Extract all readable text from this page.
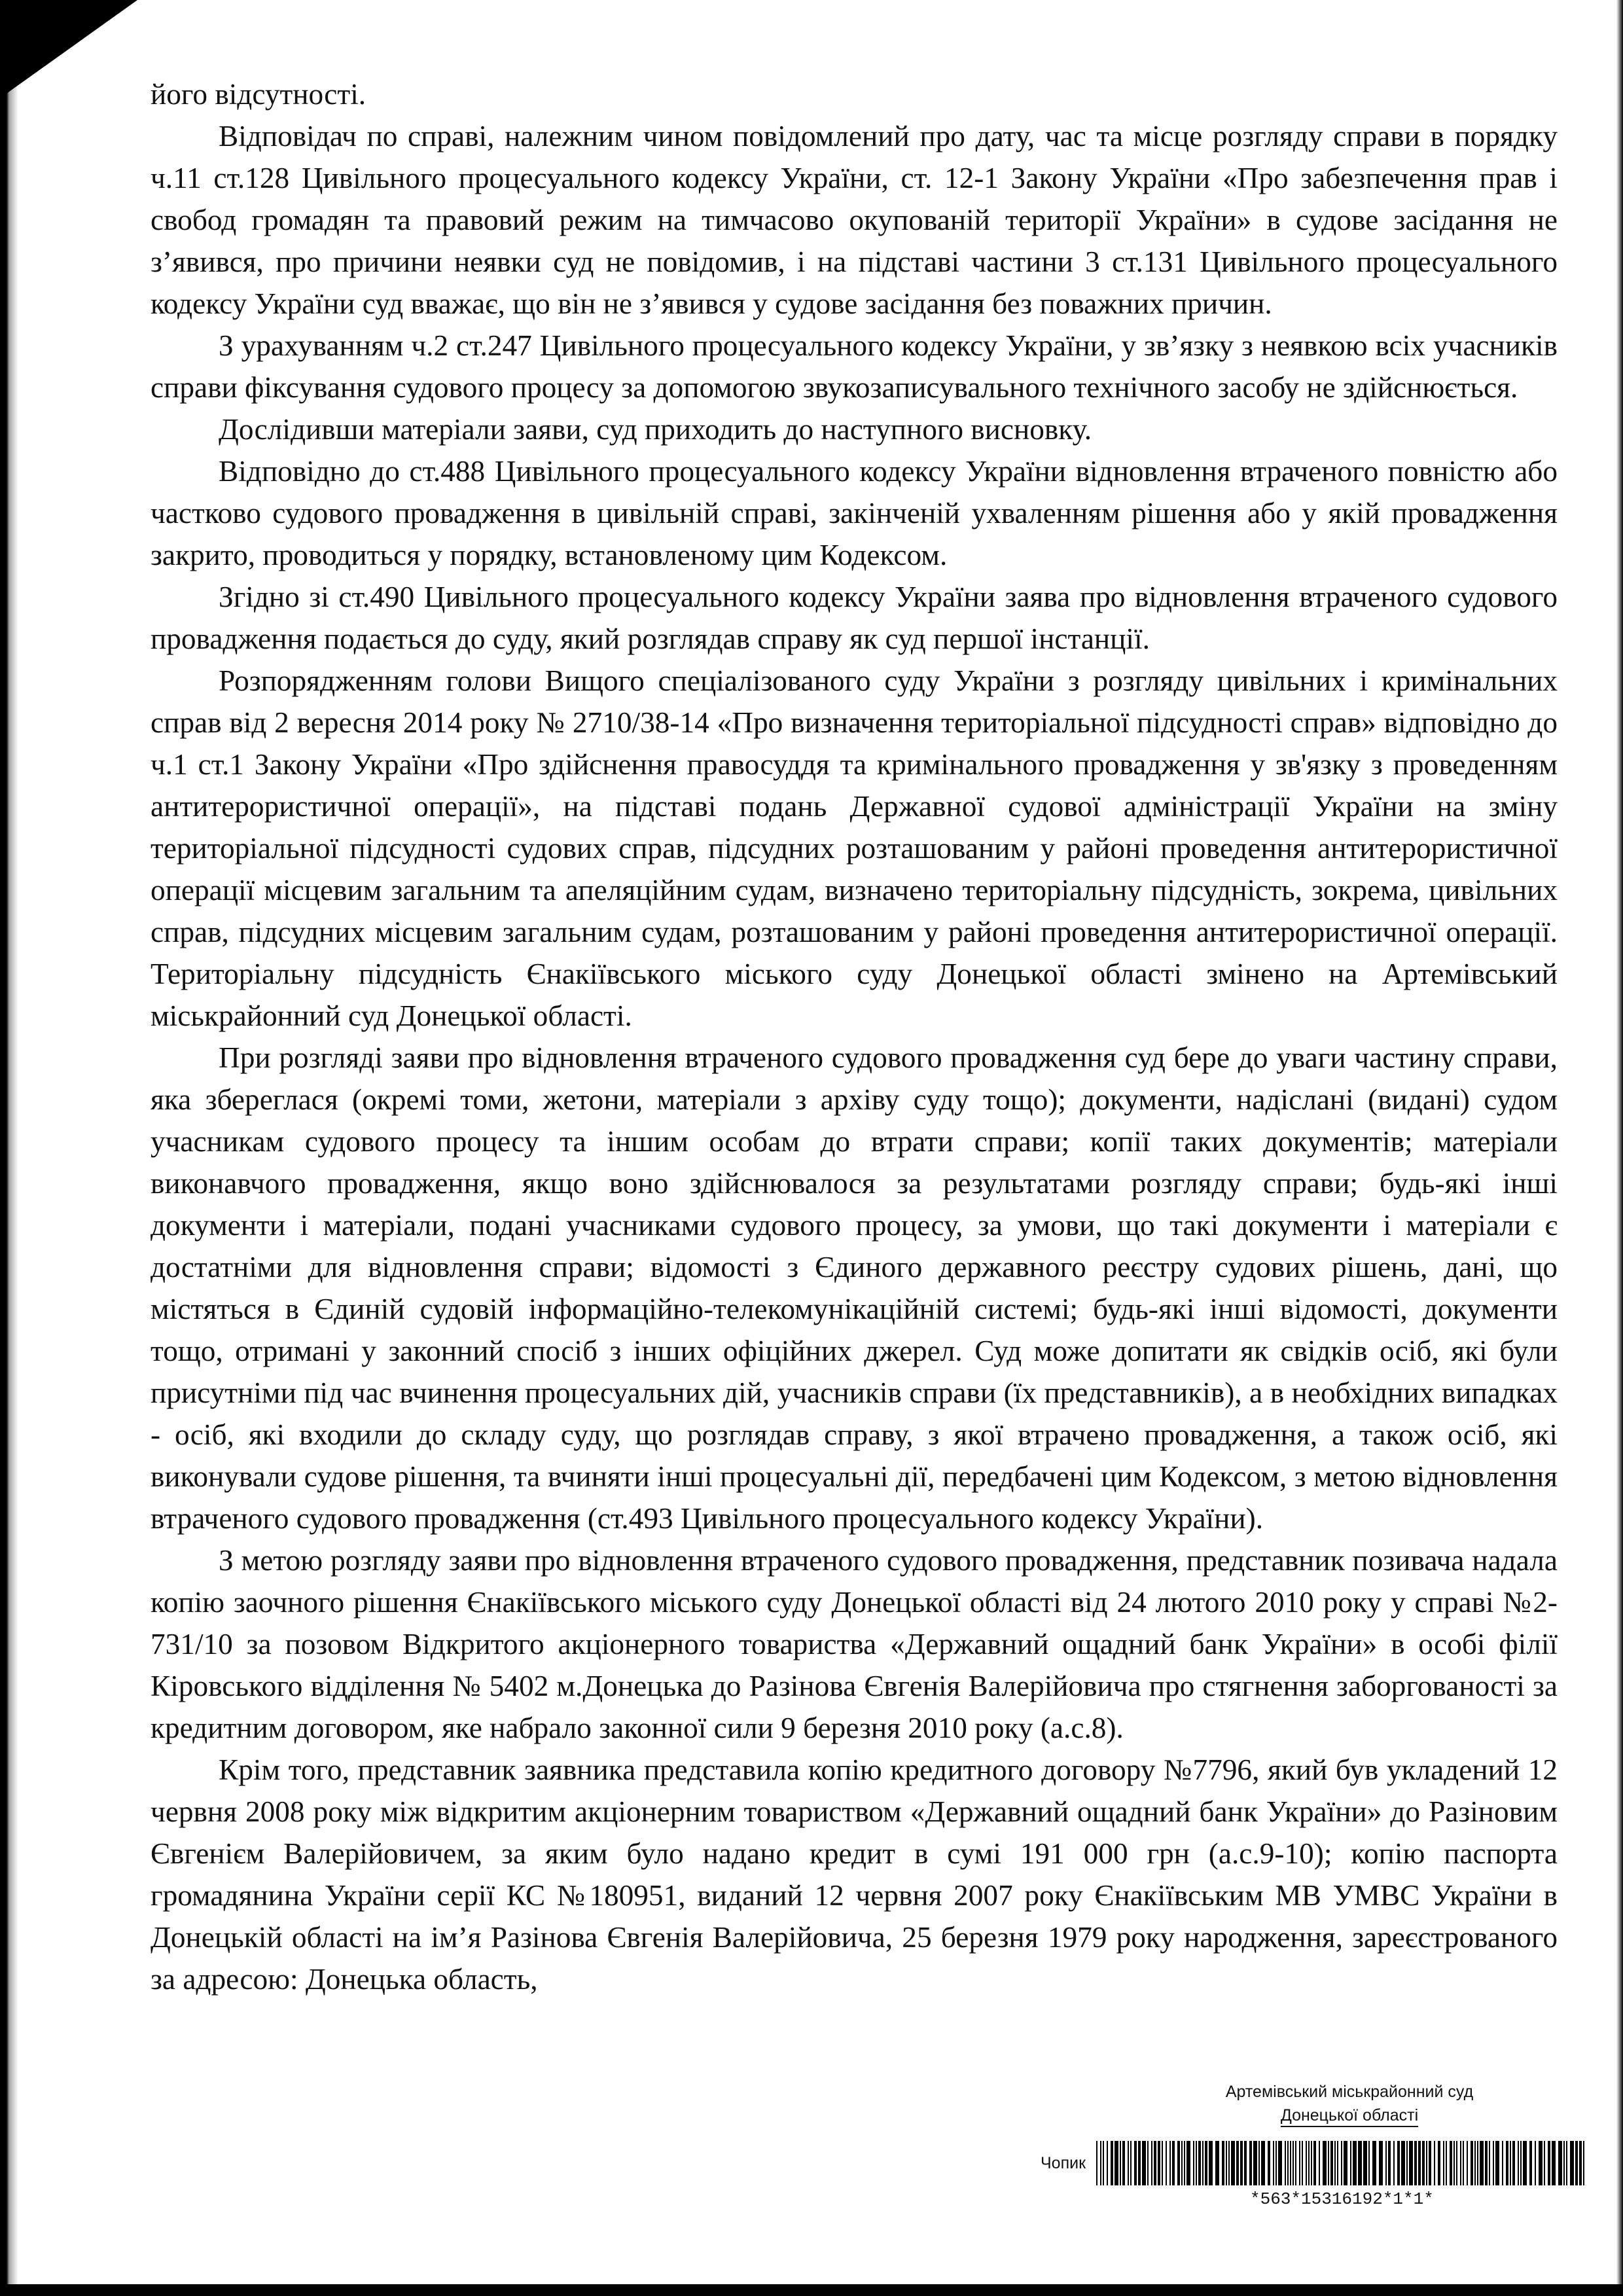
його відсутності.

Відповідач по справі, належним чином повідомлений про дату, час та місце розгляду справи в порядку ч.11 ст.128 Цивільного процесуального кодексу України, ст. 12-1 Закону України «Про забезпечення прав і свобод громадян та правовий режим на тимчасово окупованій території України» в судове засідання не з’явився, про причини неявки суд не повідомив, і на підставі частини 3 ст.131 Цивільного процесуального кодексу України суд вважає, що він не з’явився у судове засідання без поважних причин.

З урахуванням ч.2 ст.247 Цивільного процесуального кодексу України, у зв’язку з неявкою всіх учасників справи фіксування судового процесу за допомогою звукозаписувального технічного засобу не здійснюється.

Дослідивши матеріали заяви, суд приходить до наступного висновку.

Відповідно до ст.488 Цивільного процесуального кодексу України відновлення втраченого повністю або частково судового провадження в цивільній справі, закінченій ухваленням рішення або у якій провадження закрито, проводиться у порядку, встановленому цим Кодексом.

Згідно зі ст.490 Цивільного процесуального кодексу України заява про відновлення втраченого судового провадження подається до суду, який розглядав справу як суд першої інстанції.

Розпорядженням голови Вищого спеціалізованого суду України з розгляду цивільних і кримінальних справ від 2 вересня 2014 року № 2710/38-14 «Про визначення територіальної підсудності справ» відповідно до ч.1 ст.1 Закону України «Про здійснення правосуддя та кримінального провадження у зв'язку з проведенням антитерористичної операції», на підставі подань Державної судової адміністрації України на зміну територіальної підсудності судових справ, підсудних розташованим у районі проведення антитерористичної операції місцевим загальним та апеляційним судам, визначено територіальну підсудність, зокрема, цивільних справ, підсудних місцевим загальним судам, розташованим у районі проведення антитерористичної операції. Територіальну підсудність Єнакіївського міського суду Донецької області змінено на Артемівський міськрайонний суд Донецької області.

При розгляді заяви про відновлення втраченого судового провадження суд бере до уваги частину справи, яка збереглася (окремі томи, жетони, матеріали з архіву суду тощо); документи, надіслані (видані) судом учасникам судового процесу та іншим особам до втрати справи; копії таких документів; матеріали виконавчого провадження, якщо воно здійснювалося за результатами розгляду справи; будь-які інші документи і матеріали, подані учасниками судового процесу, за умови, що такі документи і матеріали є достатніми для відновлення справи; відомості з Єдиного державного реєстру судових рішень, дані, що містяться в Єдиній судовій інформаційно-телекомунікаційній системі; будь-які інші відомості, документи тощо, отримані у законний спосіб з інших офіційних джерел. Суд може допитати як свідків осіб, які були присутніми під час вчинення процесуальних дій, учасників справи (їх представників), а в необхідних випадках - осіб, які входили до складу суду, що розглядав справу, з якої втрачено провадження, а також осіб, які виконували судове рішення, та вчиняти інші процесуальні дії, передбачені цим Кодексом, з метою відновлення втраченого судового провадження (ст.493 Цивільного процесуального кодексу України).

З метою розгляду заяви про відновлення втраченого судового провадження, представник позивача надала копію заочного рішення Єнакіївського міського суду Донецької області від 24 лютого 2010 року у справі №2-731/10 за позовом Відкритого акціонерного товариства «Державний ощадний банк України» в особі філії Кіровського відділення № 5402 м.Донецька до Разінова Євгенія Валерійовича про стягнення заборгованості за кредитним договором, яке набрало законної сили 9 березня 2010 року (а.с.8).

Крім того, представник заявника представила копію кредитного договору №7796, який був укладений 12 червня 2008 року між відкритим акціонерним товариством «Державний ощадний банк України» до Разіновим Євгенієм Валерійовичем, за яким було надано кредит в сумі 191 000 грн (а.с.9-10); копію паспорта громадянина України серії КС №180951, виданий 12 червня 2007 року Єнакіївським МВ УМВС України в Донецькій області на ім’я Разінова Євгенія Валерійовича, 25 березня 1979 року народження, зареєстрованого за адресою: Донецька область,

Артемівський міськрайонний суд
Донецької області
Чопик
*563*15316192*1*1*
